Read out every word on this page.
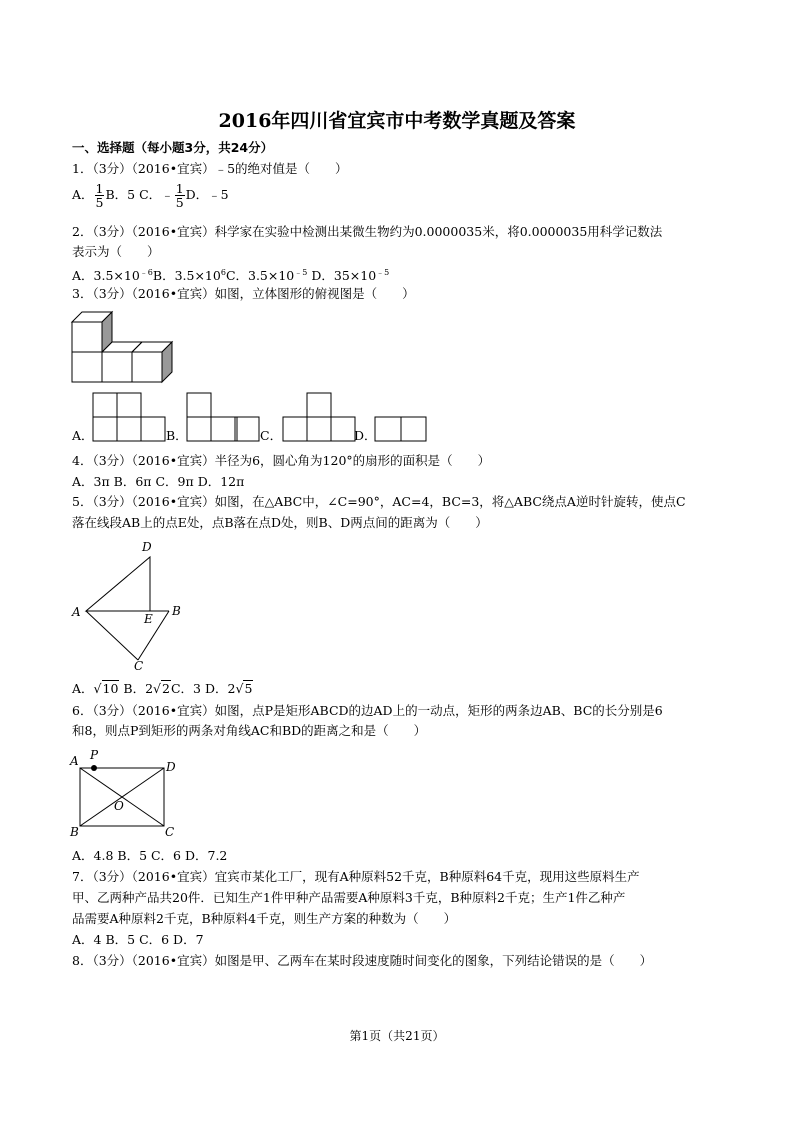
2016年四川省宜宾市中考数学真题及答案
一、选择题（每小题3分，共24分）
1．（3分）（2016•宜宾）﹣5的绝对值是（　　）
A． $\frac{1}{5}$ B．5 C．﹣ $\frac{1}{5}$ D．﹣5
2．（3分）（2016•宜宾）科学家在实验中检测出某微生物约为0.0000035米，将0.0000035用科学记数法
表示为（　　）
A．$3.5\times 10^{﹣6}B$．$3.5\times 10^6C$．$3.5\times 10^{﹣5}$ D．$35\times 10^{﹣5}$
3．（3分）（2016•宜宾）如图，立体图形的俯视图是（　　）
A．	B．	C．	D．
4．（3分）（2016•宜宾）半径为6，圆心角为120°的扇形的面积是（　　）
A．3π B．6π C．9π D．12π
5．（3分）（2016•宜宾）如图，在△ABC中，∠C=90°，AC=4，BC=3，将△ABC绕点A逆时针旋转，使点C
落在线段AB上的点E处，点B落在点D处，则B、D两点间的距离为（　　）
D
A	E
B
C
A．√10 B．2√2C．3 D．2√5
6．（3分）（2016•宜宾）如图，点P是矩形ABCD的边AD上的一动点，矩形的两条边AB、BC的长分别是6
和8，则点P到矩形的两条对角线AC和BD的距离之和是（　　）
P
A	D
O
B	C
A．4.8 B．5 C．6 D．7.2
7．（3分）（2016•宜宾）宜宾市某化工厂，现有A种原料52千克，B种原料64千克，现用这些原料生产
甲、乙两种产品共20件．已知生产1件甲种产品需要A种原料3千克，B种原料2千克；生产1件乙种产
品需要A种原料2千克，B种原料4千克，则生产方案的种数为（　　）
A．4 B．5 C．6 D．7
8．（3分）（2016•宜宾）如图是甲、乙两车在某时段速度随时间变化的图象，下列结论错误的是（　　）
第1页（共21页）
